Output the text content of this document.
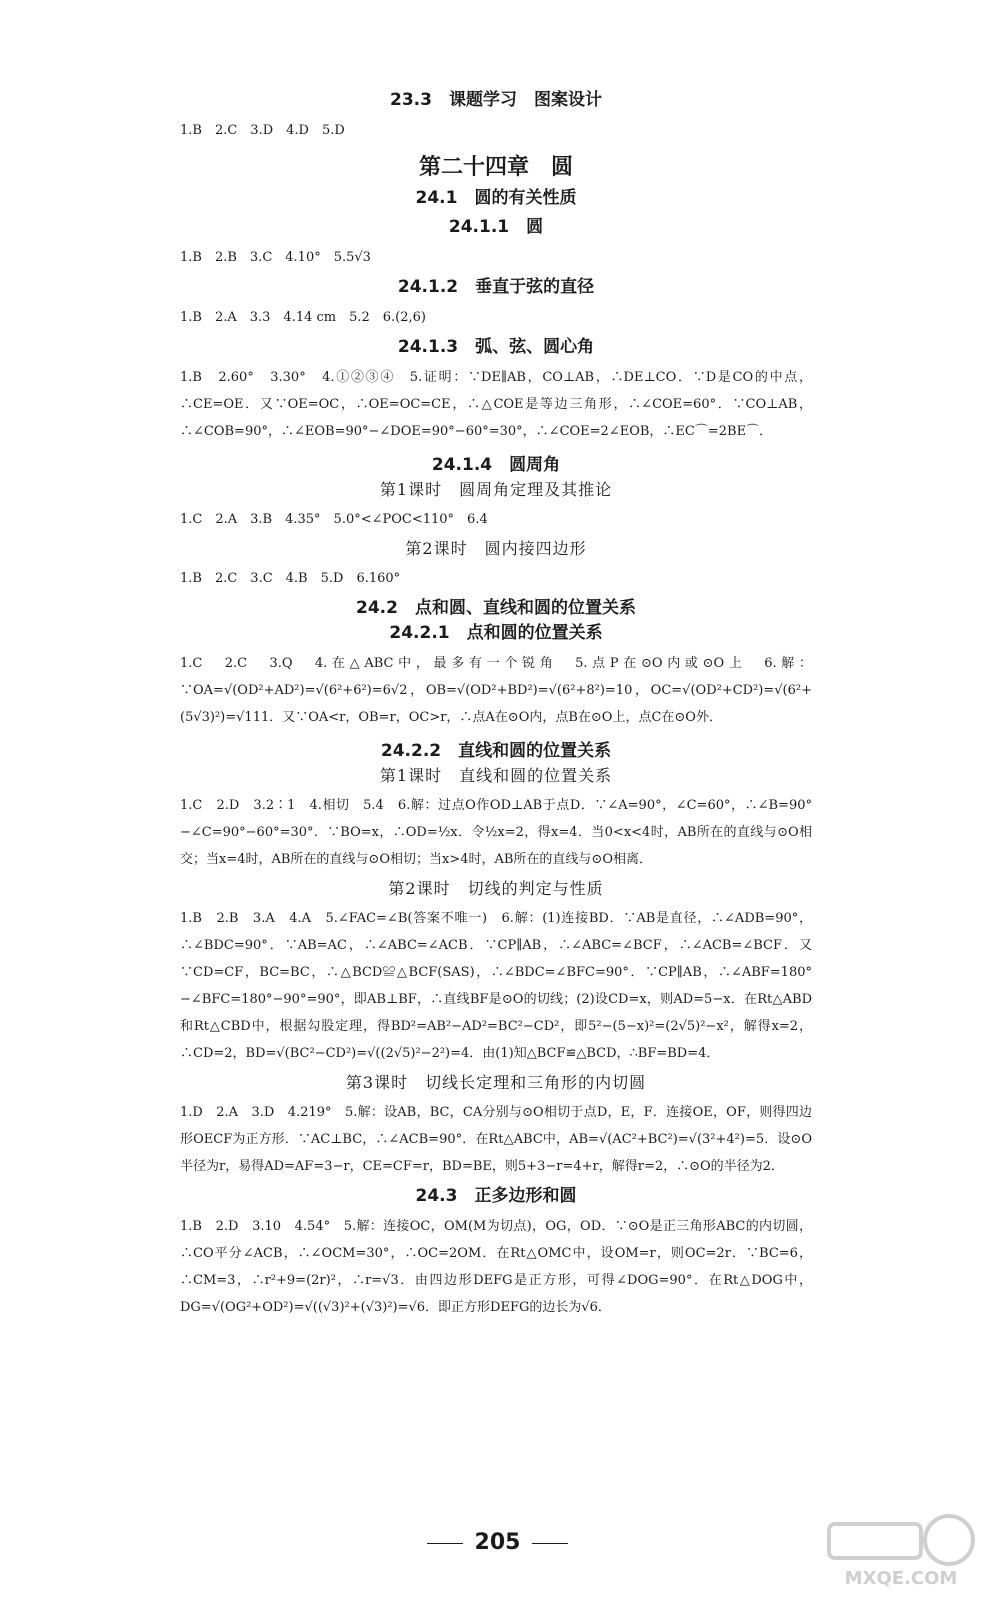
23.3　课题学习　图案设计

1.B　2.C　3.D　4.D　5.D

第二十四章　圆

24.1　圆的有关性质

24.1.1　圆

1.B　2.B　3.C　4.10°　5.5√3

24.1.2　垂直于弦的直径

1.B　2.A　3.3　4.14 cm　5.2　6.(2,6)

24.1.3　弧、弦、圆心角

1.B　2.60°　3.30°　4.①②③④　5.证明：∵DE∥AB，CO⊥AB，∴DE⊥CO．∵D是CO的中点，∴CE=OE．又∵OE=OC，∴OE=OC=CE，∴△COE是等边三角形，∴∠COE=60°．∵CO⊥AB，∴∠COB=90°，∴∠EOB=90°−∠DOE=90°−60°=30°，∴∠COE=2∠EOB，∴EC⌒=2BE⌒．

24.1.4　圆周角

第1课时　圆周角定理及其推论

1.C　2.A　3.B　4.35°　5.0°<∠POC<110°　6.4

第2课时　圆内接四边形

1.B　2.C　3.C　4.B　5.D　6.160°

24.2　点和圆、直线和圆的位置关系

24.2.1　点和圆的位置关系

1.C　2.C　3.Q　4.在△ABC中，最多有一个锐角　5.点P在⊙O内或⊙O上　6.解：∵OA=√(OD²+AD²)=√(6²+6²)=6√2，OB=√(OD²+BD²)=√(6²+8²)=10，OC=√(OD²+CD²)=√(6²+(5√3)²)=√111．又∵OA<r，OB=r，OC>r，∴点A在⊙O内，点B在⊙O上，点C在⊙O外．

24.2.2　直线和圆的位置关系

第1课时　直线和圆的位置关系

1.C　2.D　3.2∶1　4.相切　5.4　6.解：过点O作OD⊥AB于点D．∵∠A=90°，∠C=60°，∴∠B=90°−∠C=90°−60°=30°．∵BO=x，∴OD=½x．令½x=2，得x=4．当0<x<4时，AB所在的直线与⊙O相交；当x=4时，AB所在的直线与⊙O相切；当x>4时，AB所在的直线与⊙O相离．

第2课时　切线的判定与性质

1.B　2.B　3.A　4.A　5.∠FAC=∠B(答案不唯一)　6.解：(1)连接BD．∵AB是直径，∴∠ADB=90°，∴∠BDC=90°．∵AB=AC，∴∠ABC=∠ACB．∵CP∥AB，∴∠ABC=∠BCF，∴∠ACB=∠BCF．又∵CD=CF，BC=BC，∴△BCD≌△BCF(SAS)，∴∠BDC=∠BFC=90°．∵CP∥AB，∴∠ABF=180°−∠BFC=180°−90°=90°，即AB⊥BF，∴直线BF是⊙O的切线；(2)设CD=x，则AD=5−x．在Rt△ABD和Rt△CBD中，根据勾股定理，得BD²=AB²−AD²=BC²−CD²，即5²−(5−x)²=(2√5)²−x²，解得x=2，∴CD=2，BD=√(BC²−CD²)=√((2√5)²−2²)=4．由(1)知△BCF≌△BCD，∴BF=BD=4．

第3课时　切线长定理和三角形的内切圆

1.D　2.A　3.D　4.219°　5.解：设AB，BC，CA分别与⊙O相切于点D，E，F．连接OE，OF，则得四边形OECF为正方形．∵AC⊥BC，∴∠ACB=90°．在Rt△ABC中，AB=√(AC²+BC²)=√(3²+4²)=5．设⊙O半径为r，易得AD=AF=3−r，CE=CF=r，BD=BE，则5+3−r=4+r，解得r=2，∴⊙O的半径为2．

24.3　正多边形和圆

1.B　2.D　3.10　4.54°　5.解：连接OC，OM(M为切点)，OG，OD．∵⊙O是正三角形ABC的内切圆，∴CO平分∠ACB，∴∠OCM=30°，∴OC=2OM．在Rt△OMC中，设OM=r，则OC=2r．∵BC=6，∴CM=3，∴r²+9=(2r)²，∴r=√3．由四边形DEFG是正方形，可得∠DOG=90°．在Rt△DOG中，DG=√(OG²+OD²)=√((√3)²+(√3)²)=√6．即正方形DEFG的边长为√6．

205
MXQE.COM
